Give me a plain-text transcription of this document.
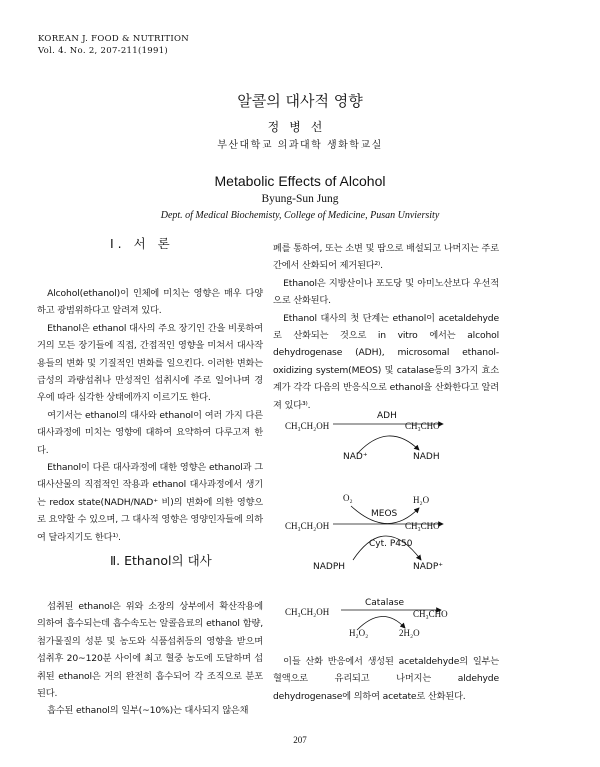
KOREAN J. FOOD & NUTRITION
Vol. 4. No. 2, 207-211(1991)
알콜의 대사적 영향
정병선
부산대학교 의과대학 생화학교실
Metabolic Effects of Alcohol
Byung-Sun Jung
Dept. of Medical Biochemisty, College of Medicine, Pusan Unviersity
Ⅰ. 서 론

Alcohol(ethanol)이 인체에 미치는 영향은 매우 다양하고 광범위하다고 알려져 있다.

Ethanol은 ethanol 대사의 주요 장기인 간을 비롯하여 거의 모든 장기들에 직접, 간접적인 영향을 미쳐서 대사작용들의 변화 및 기질적인 변화를 일으킨다. 이러한 변화는 급성의 과량섭취나 만성적인 섭취시에 주로 일어나며 경우에 따라 심각한 상태에까지 이르기도 한다.

여기서는 ethanol의 대사와 ethanol이 여러 가지 다른 대사과정에 미치는 영향에 대하여 요약하여 다루고져 한다.

Ethanol이 다른 대사과정에 대한 영향은 ethanol과 그 대사산물의 직접적인 작용과 ethanol 대사과정에서 생기는 redox state(NADH/NAD⁺ 비)의 변화에 의한 영향으로 요약할 수 있으며, 그 대사적 영향은 영양인자들에 의하여 달라지기도 한다¹⁾.

Ⅱ. Ethanol의 대사

섭취된 ethanol은 위와 소장의 상부에서 확산작용에 의하여 흡수되는데 흡수속도는 알콜음료의 ethanol 함량, 첨가물질의 성분 및 농도와 식품섭취등의 영향을 받으며 섭취후 20~120분 사이에 최고 혈중 농도에 도달하며 섭취된 ethanol은 거의 완전히 흡수되어 각 조직으로 분포된다.

흡수된 ethanol의 일부(~10%)는 대사되지 않은채

폐를 통하여, 또는 소변 및 땀으로 배설되고 나머지는 주로 간에서 산화되어 제거된다²⁾.

Ethanol은 지방산이나 포도당 및 아미노산보다 우선적으로 산화된다.

Ethanol 대사의 첫 단계는 ethanol이 acetaldehyde로 산화되는 것으로 in vitro 에서는 alcohol dehydrogenase (ADH), microsomal ethanol-oxidizing system(MEOS) 및 catalase등의 3가지 효소계가 각각 다음의 반응식으로 ethanol을 산화한다고 알려져 있다³⁾.

CH₃CH₂OH	CH₃CHO
ADH
NAD⁺	NADH
O₂	H₂O
MEOS
CH₃CH₂OH	CH₃CHO
Cyt. P450
NADPH	NADP⁺
Catalase
CH₃CH₂OH	CH₃CHO
H₂O₂	2H₂O

이들 산화 반응에서 생성된 acetaldehyde의 일부는 혈액으로 유리되고 나머지는 aldehyde dehydrogenase에 의하여 acetate로 산화된다.

207
